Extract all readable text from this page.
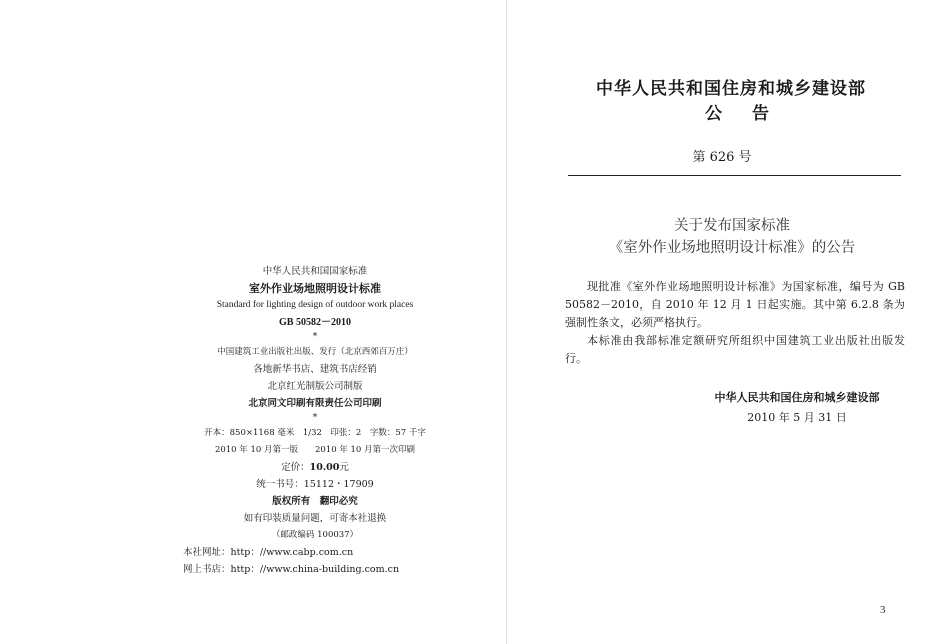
中华人民共和国国家标准
室外作业场地照明设计标准
Standard for lighting design of outdoor work places
GB 50582－2010
*
中国建筑工业出版社出版、发行（北京西郊百万庄）
各地新华书店、建筑书店经销
北京红光制版公司制版
北京同文印刷有限责任公司印刷
*
开本：850×1168 毫米　1/32　印张：2　字数：57 千字
2010 年 10 月第一版　　2010 年 10 月第一次印刷
定价：10.00元
统一书号：15112・17909
版权所有　翻印必究
如有印装质量问题，可寄本社退换
（邮政编码 100037）
本社网址：http：//www.cabp.com.cn
网上书店：http：//www.china-building.com.cn
中华人民共和国住房和城乡建设部
公告
第 626 号
关于发布国家标准
《室外作业场地照明设计标准》的公告

现批准《室外作业场地照明设计标准》为国家标准，编号为 GB 50582－2010，自 2010 年 12 月 1 日起实施。其中第 6.2.8 条为强制性条文，必须严格执行。

本标准由我部标准定额研究所组织中国建筑工业出版社出版发行。

中华人民共和国住房和城乡建设部
2010 年 5 月 31 日
3
